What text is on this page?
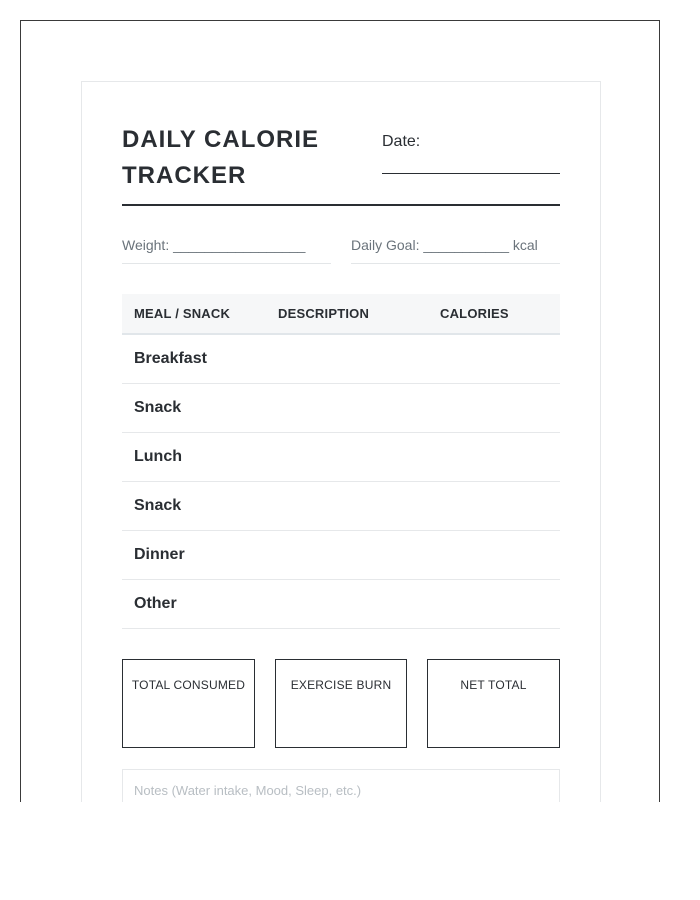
DAILY CALORIE
TRACKER
Date:
Weight: _________________	Daily Goal: ___________ kcal
MEAL / SNACK	DESCRIPTION	CALORIES
Breakfast
Snack
Lunch
Snack
Dinner
Other
TOTAL CONSUMED	EXERCISE BURN	NET TOTAL
Notes (Water intake, Mood, Sleep, etc.)
